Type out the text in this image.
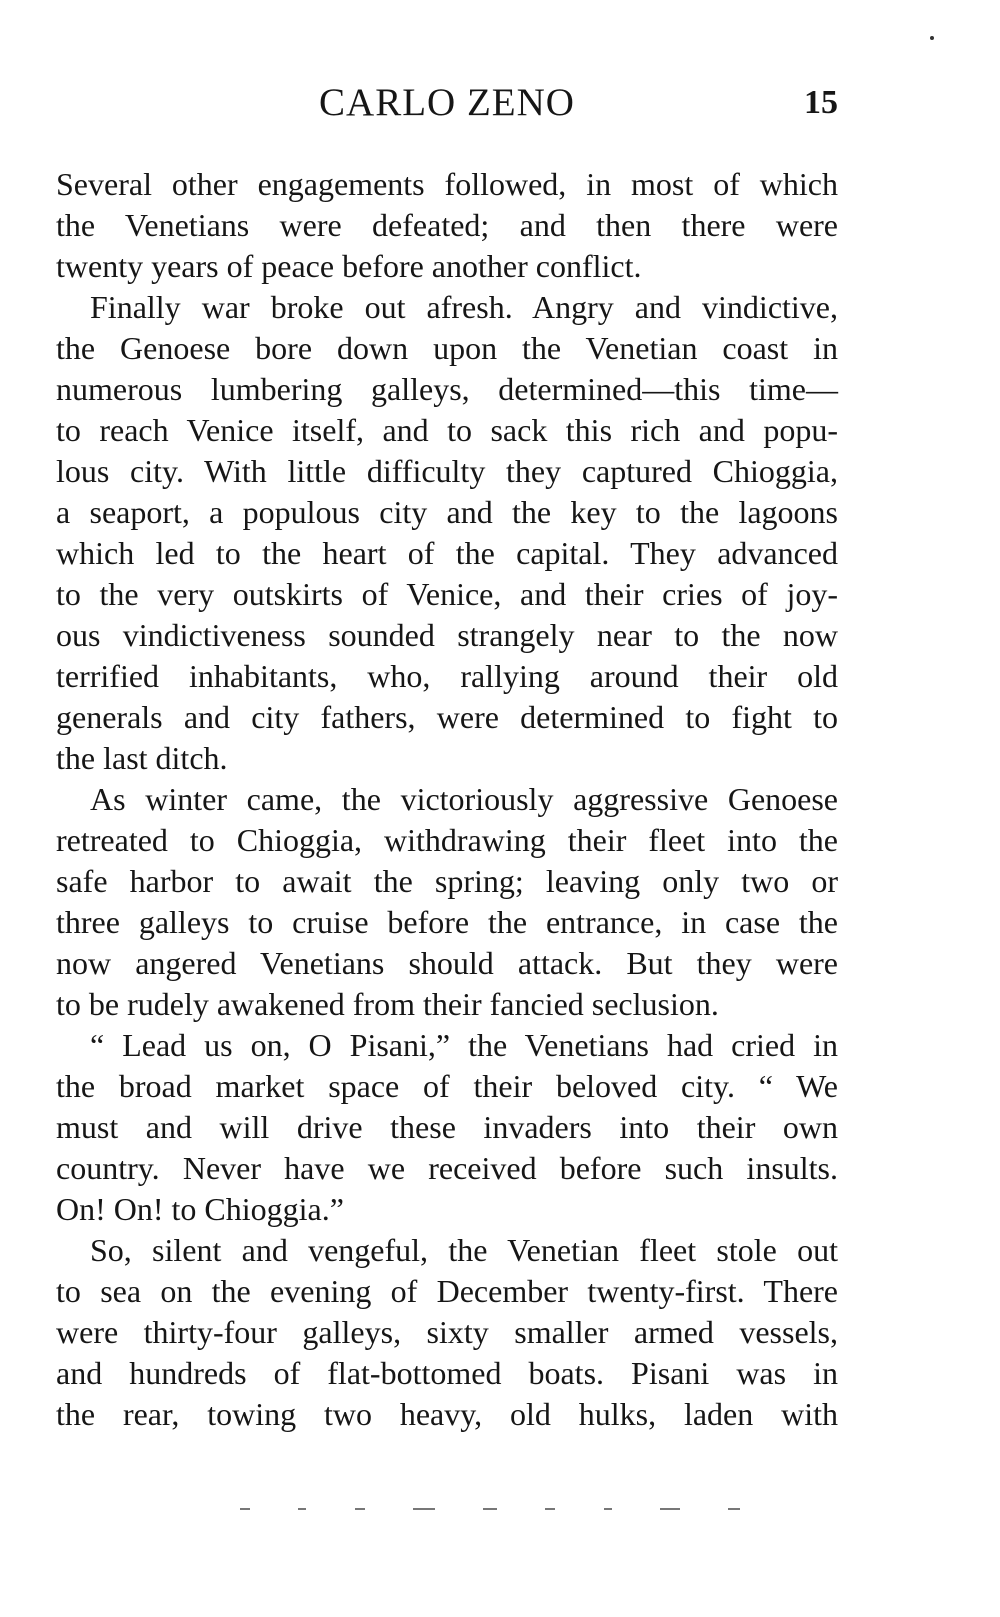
CARLO ZENO	15

Several other engagements followed, in most of which
the Venetians were defeated; and then there were
twenty years of peace before another conflict.

Finally war broke out afresh. Angry and vindictive,
the Genoese bore down upon the Venetian coast in
numerous lumbering galleys, determined—this time—
to reach Venice itself, and to sack this rich and popu-
lous city. With little difficulty they captured Chioggia,
a seaport, a populous city and the key to the lagoons
which led to the heart of the capital. They advanced
to the very outskirts of Venice, and their cries of joy-
ous vindictiveness sounded strangely near to the now
terrified inhabitants, who, rallying around their old
generals and city fathers, were determined to fight to
the last ditch.

As winter came, the victoriously aggressive Genoese
retreated to Chioggia, withdrawing their fleet into the
safe harbor to await the spring; leaving only two or
three galleys to cruise before the entrance, in case the
now angered Venetians should attack. But they were
to be rudely awakened from their fancied seclusion.

“ Lead us on, O Pisani,” the Venetians had cried in
the broad market space of their beloved city. “ We
must and will drive these invaders into their own
country. Never have we received before such insults.
On! On! to Chioggia.”

So, silent and vengeful, the Venetian fleet stole out
to sea on the evening of December twenty-first. There
were thirty-four galleys, sixty smaller armed vessels,
and hundreds of flat-bottomed boats. Pisani was in
the rear, towing two heavy, old hulks, laden with
